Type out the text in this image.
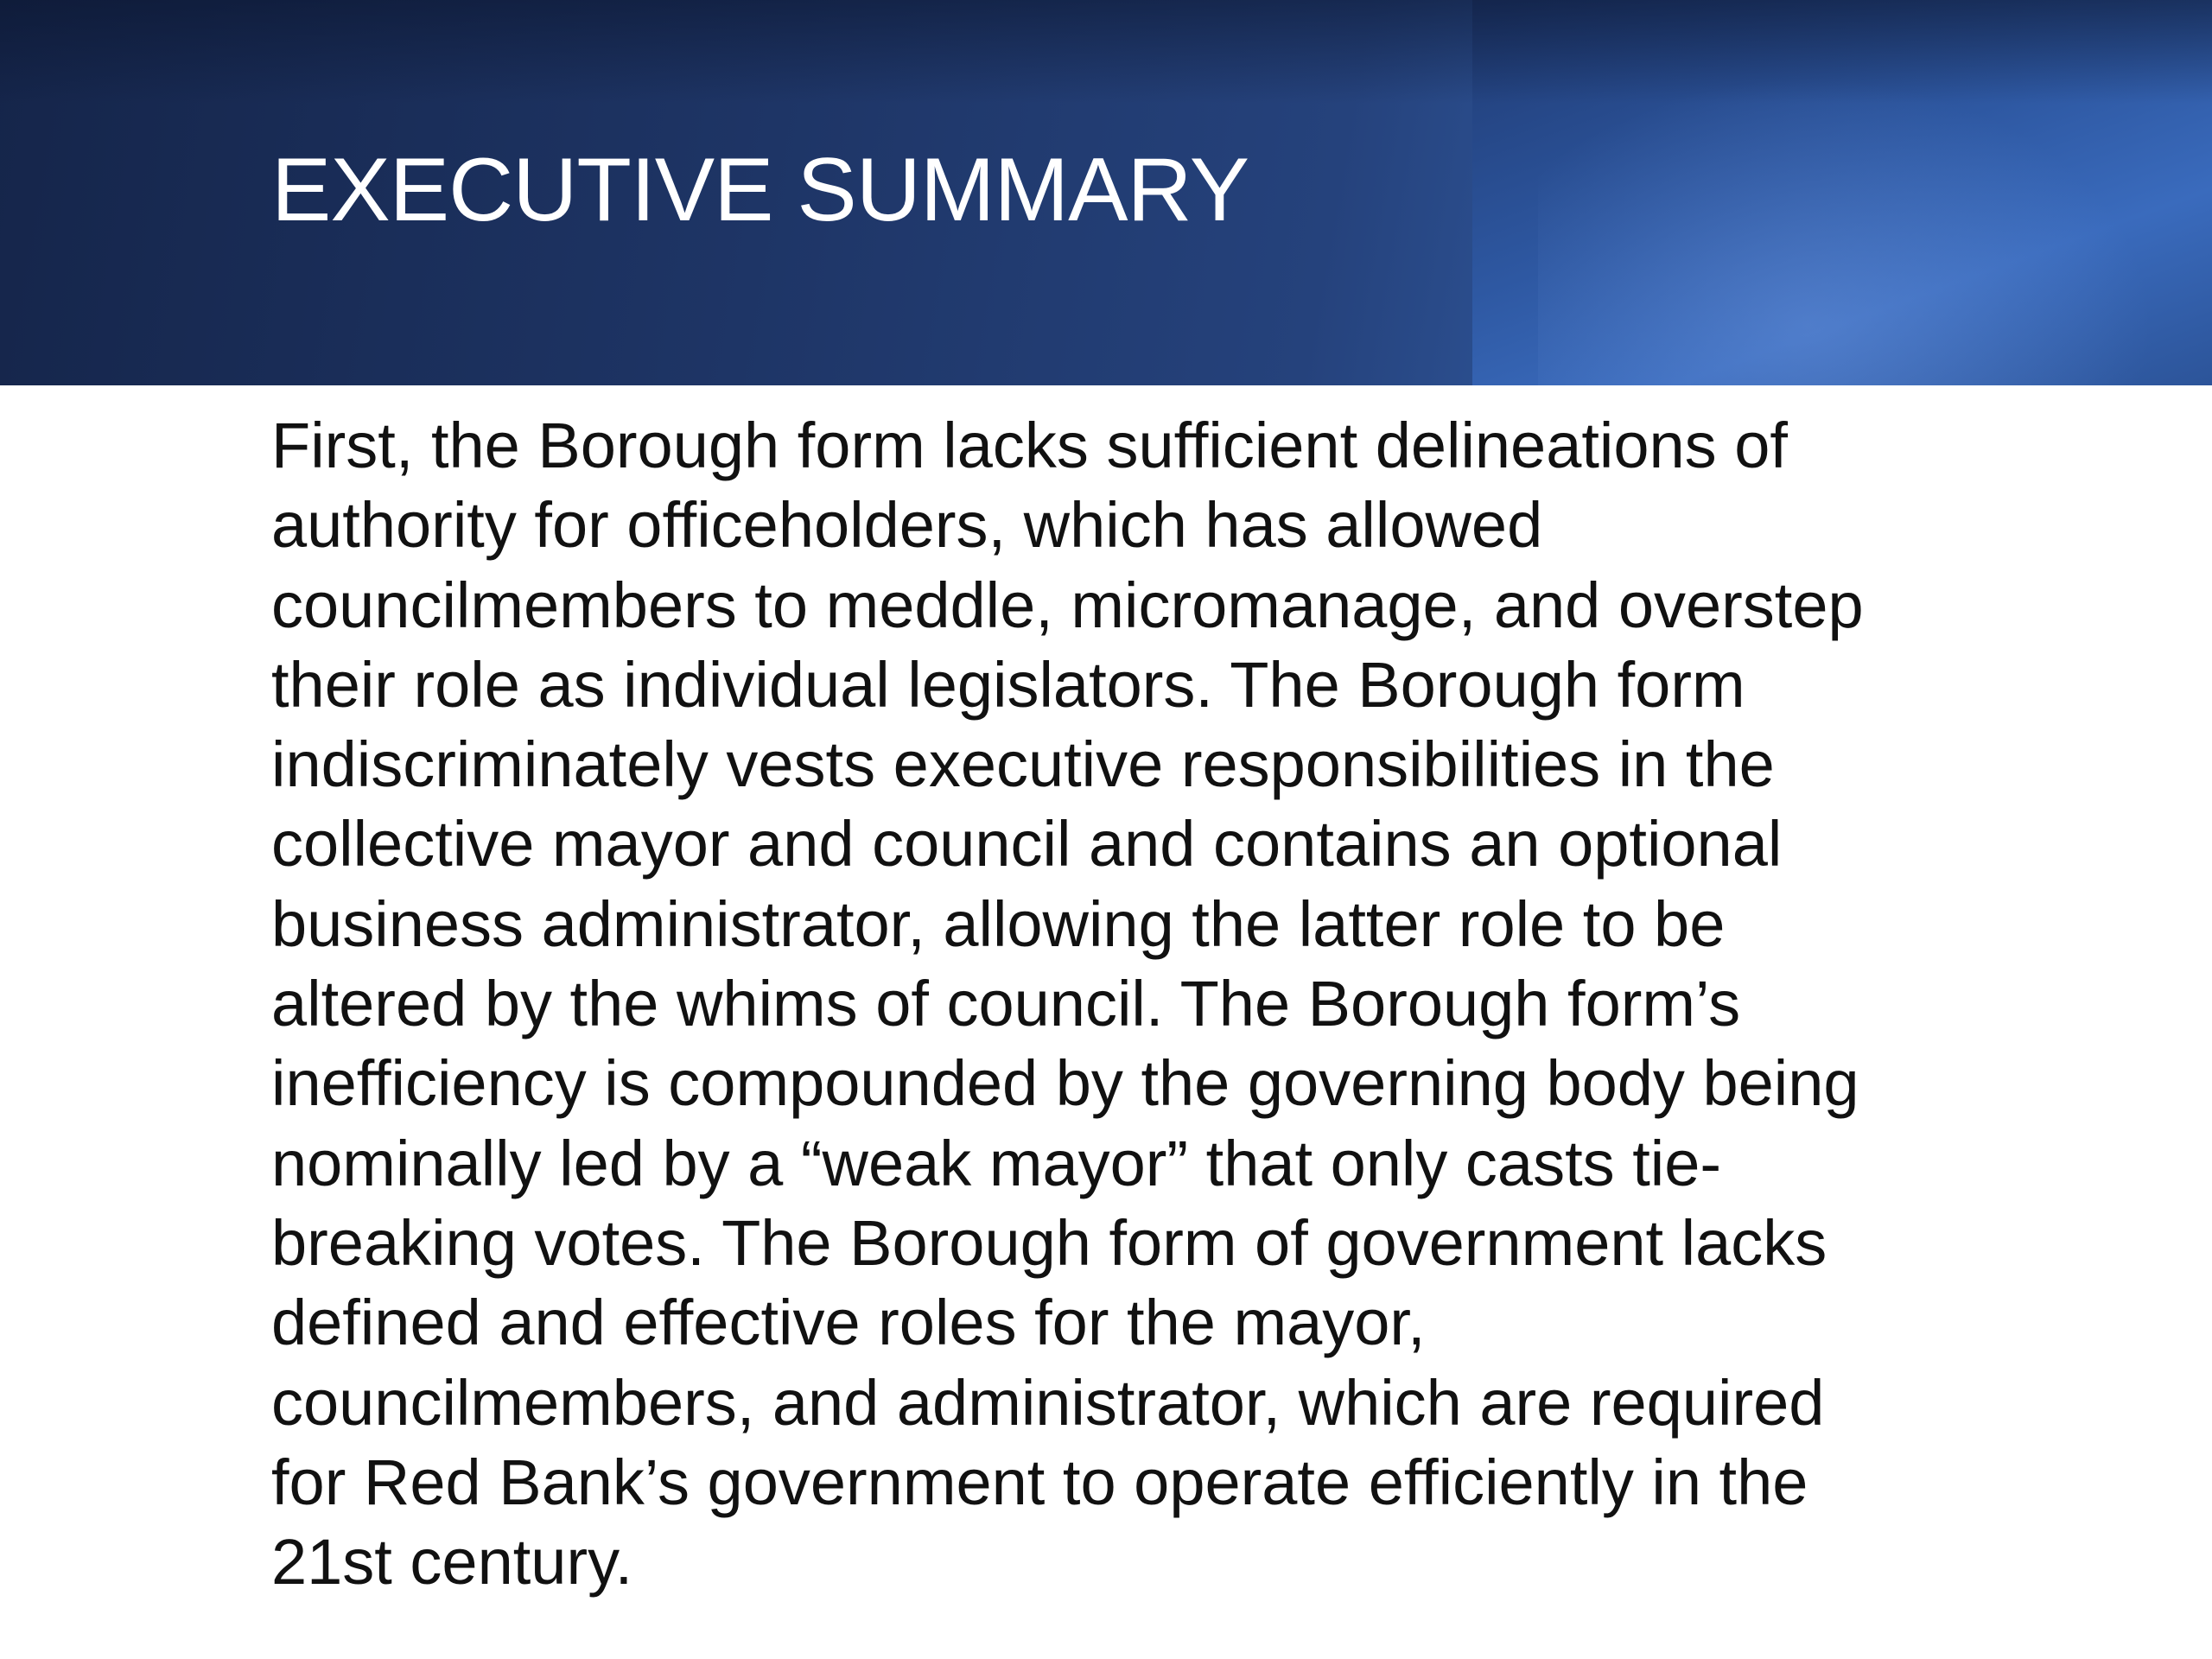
EXECUTIVE SUMMARY
First, the Borough form lacks sufficient delineations of
authority for officeholders, which has allowed
councilmembers to meddle, micromanage, and overstep
their role as individual legislators. The Borough form
indiscriminately vests executive responsibilities in the
collective mayor and council and contains an optional
business administrator, allowing the latter role to be
altered by the whims of council. The Borough form’s
inefficiency is compounded by the governing body being
nominally led by a “weak mayor” that only casts tie-
breaking votes. The Borough form of government lacks
defined and effective roles for the mayor,
councilmembers, and administrator, which are required
for Red Bank’s government to operate efficiently in the
21st century.
